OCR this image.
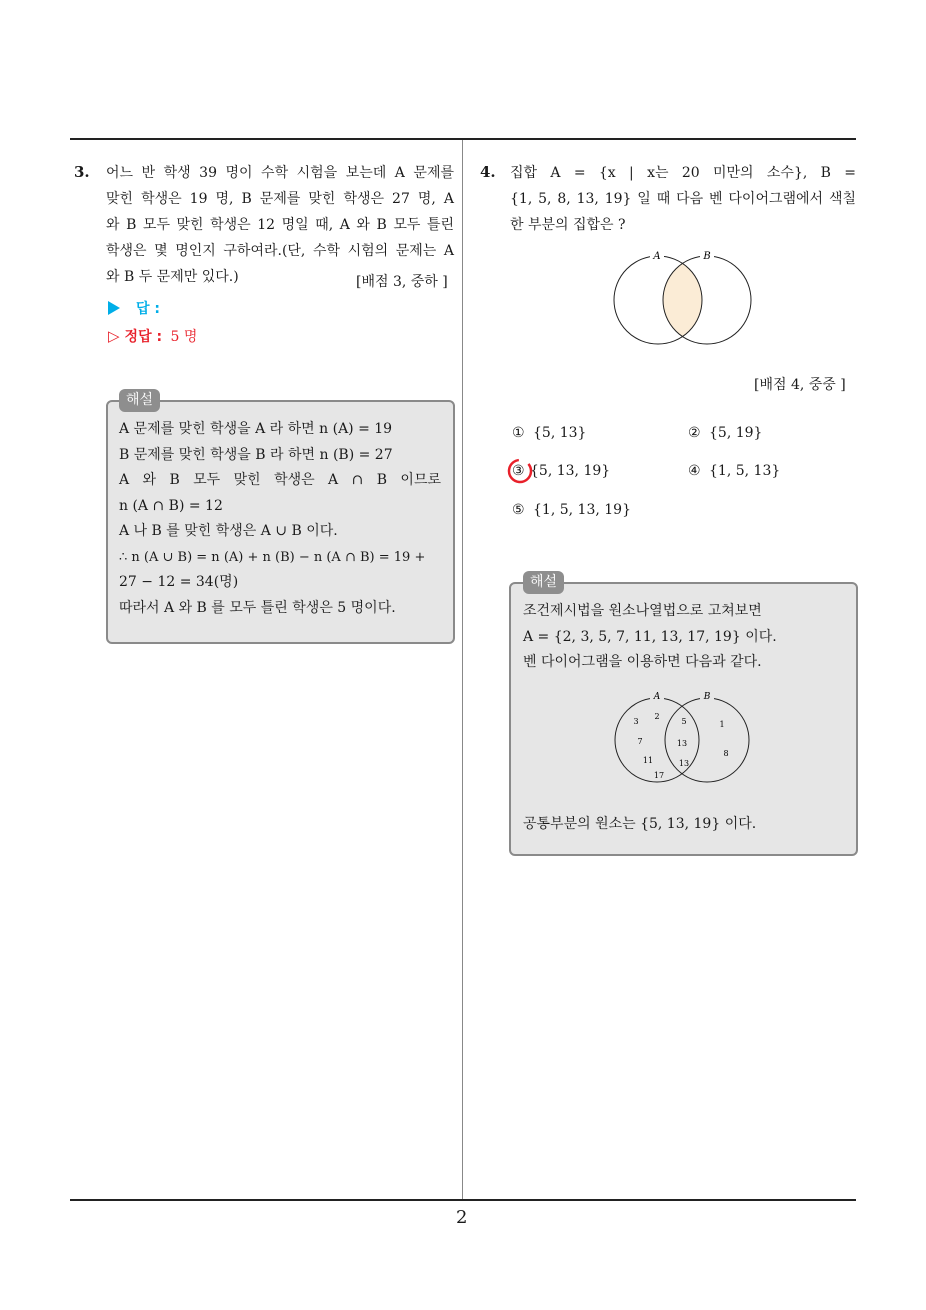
3. 어느 반 학생 39 명이 수학 시험을 보는데 A 문제를
맞힌 학생은 19 명, B 문제를 맞힌 학생은 27 명, A
와 B 모두 맞힌 학생은 12 명일 때, A 와 B 모두 틀린
학생은 몇 명인지 구하여라.(단, 수학 시험의 문제는 A
와 B 두 문제만 있다.)	[배점 3, 중하 ]
답 :
▷ 정답 : 5 명
A 문제를 맞힌 학생을 A 라 하면 n (A) = 19
B 문제를 맞힌 학생을 B 라 하면 n (B) = 27
A 와 B 모두 맞힌 학생은 A ∩ B 이므로
n (A ∩ B) = 12
A 나 B 를 맞힌 학생은 A ∪ B 이다.
∴ n (A ∪ B) = n (A) + n (B) − n (A ∩ B) = 19 +
27 − 12 = 34(명)
따라서 A 와 B 를 모두 틀린 학생은 5 명이다.
해설
4. 집합 A = {x | x는 20 미만의 소수}, B =
{1, 5, 8, 13, 19} 일 때 다음 벤 다이어그램에서 색칠
한 부분의 집합은 ?
A	B
[배점 4, 중중 ]
① {5, 13}	② {5, 19}
③ {5, 13, 19}	④ {1, 5, 13}
⑤ {1, 5, 13, 19}
조건제시법을 원소나열법으로 고쳐보면
A = {2, 3, 5, 7, 11, 13, 17, 19} 이다.
벤 다이어그램을 이용하면 다음과 같다.
A	B
3
2
7
11
17
5
13
13
1
8
공통부분의 원소는 {5, 13, 19} 이다.
해설
2
